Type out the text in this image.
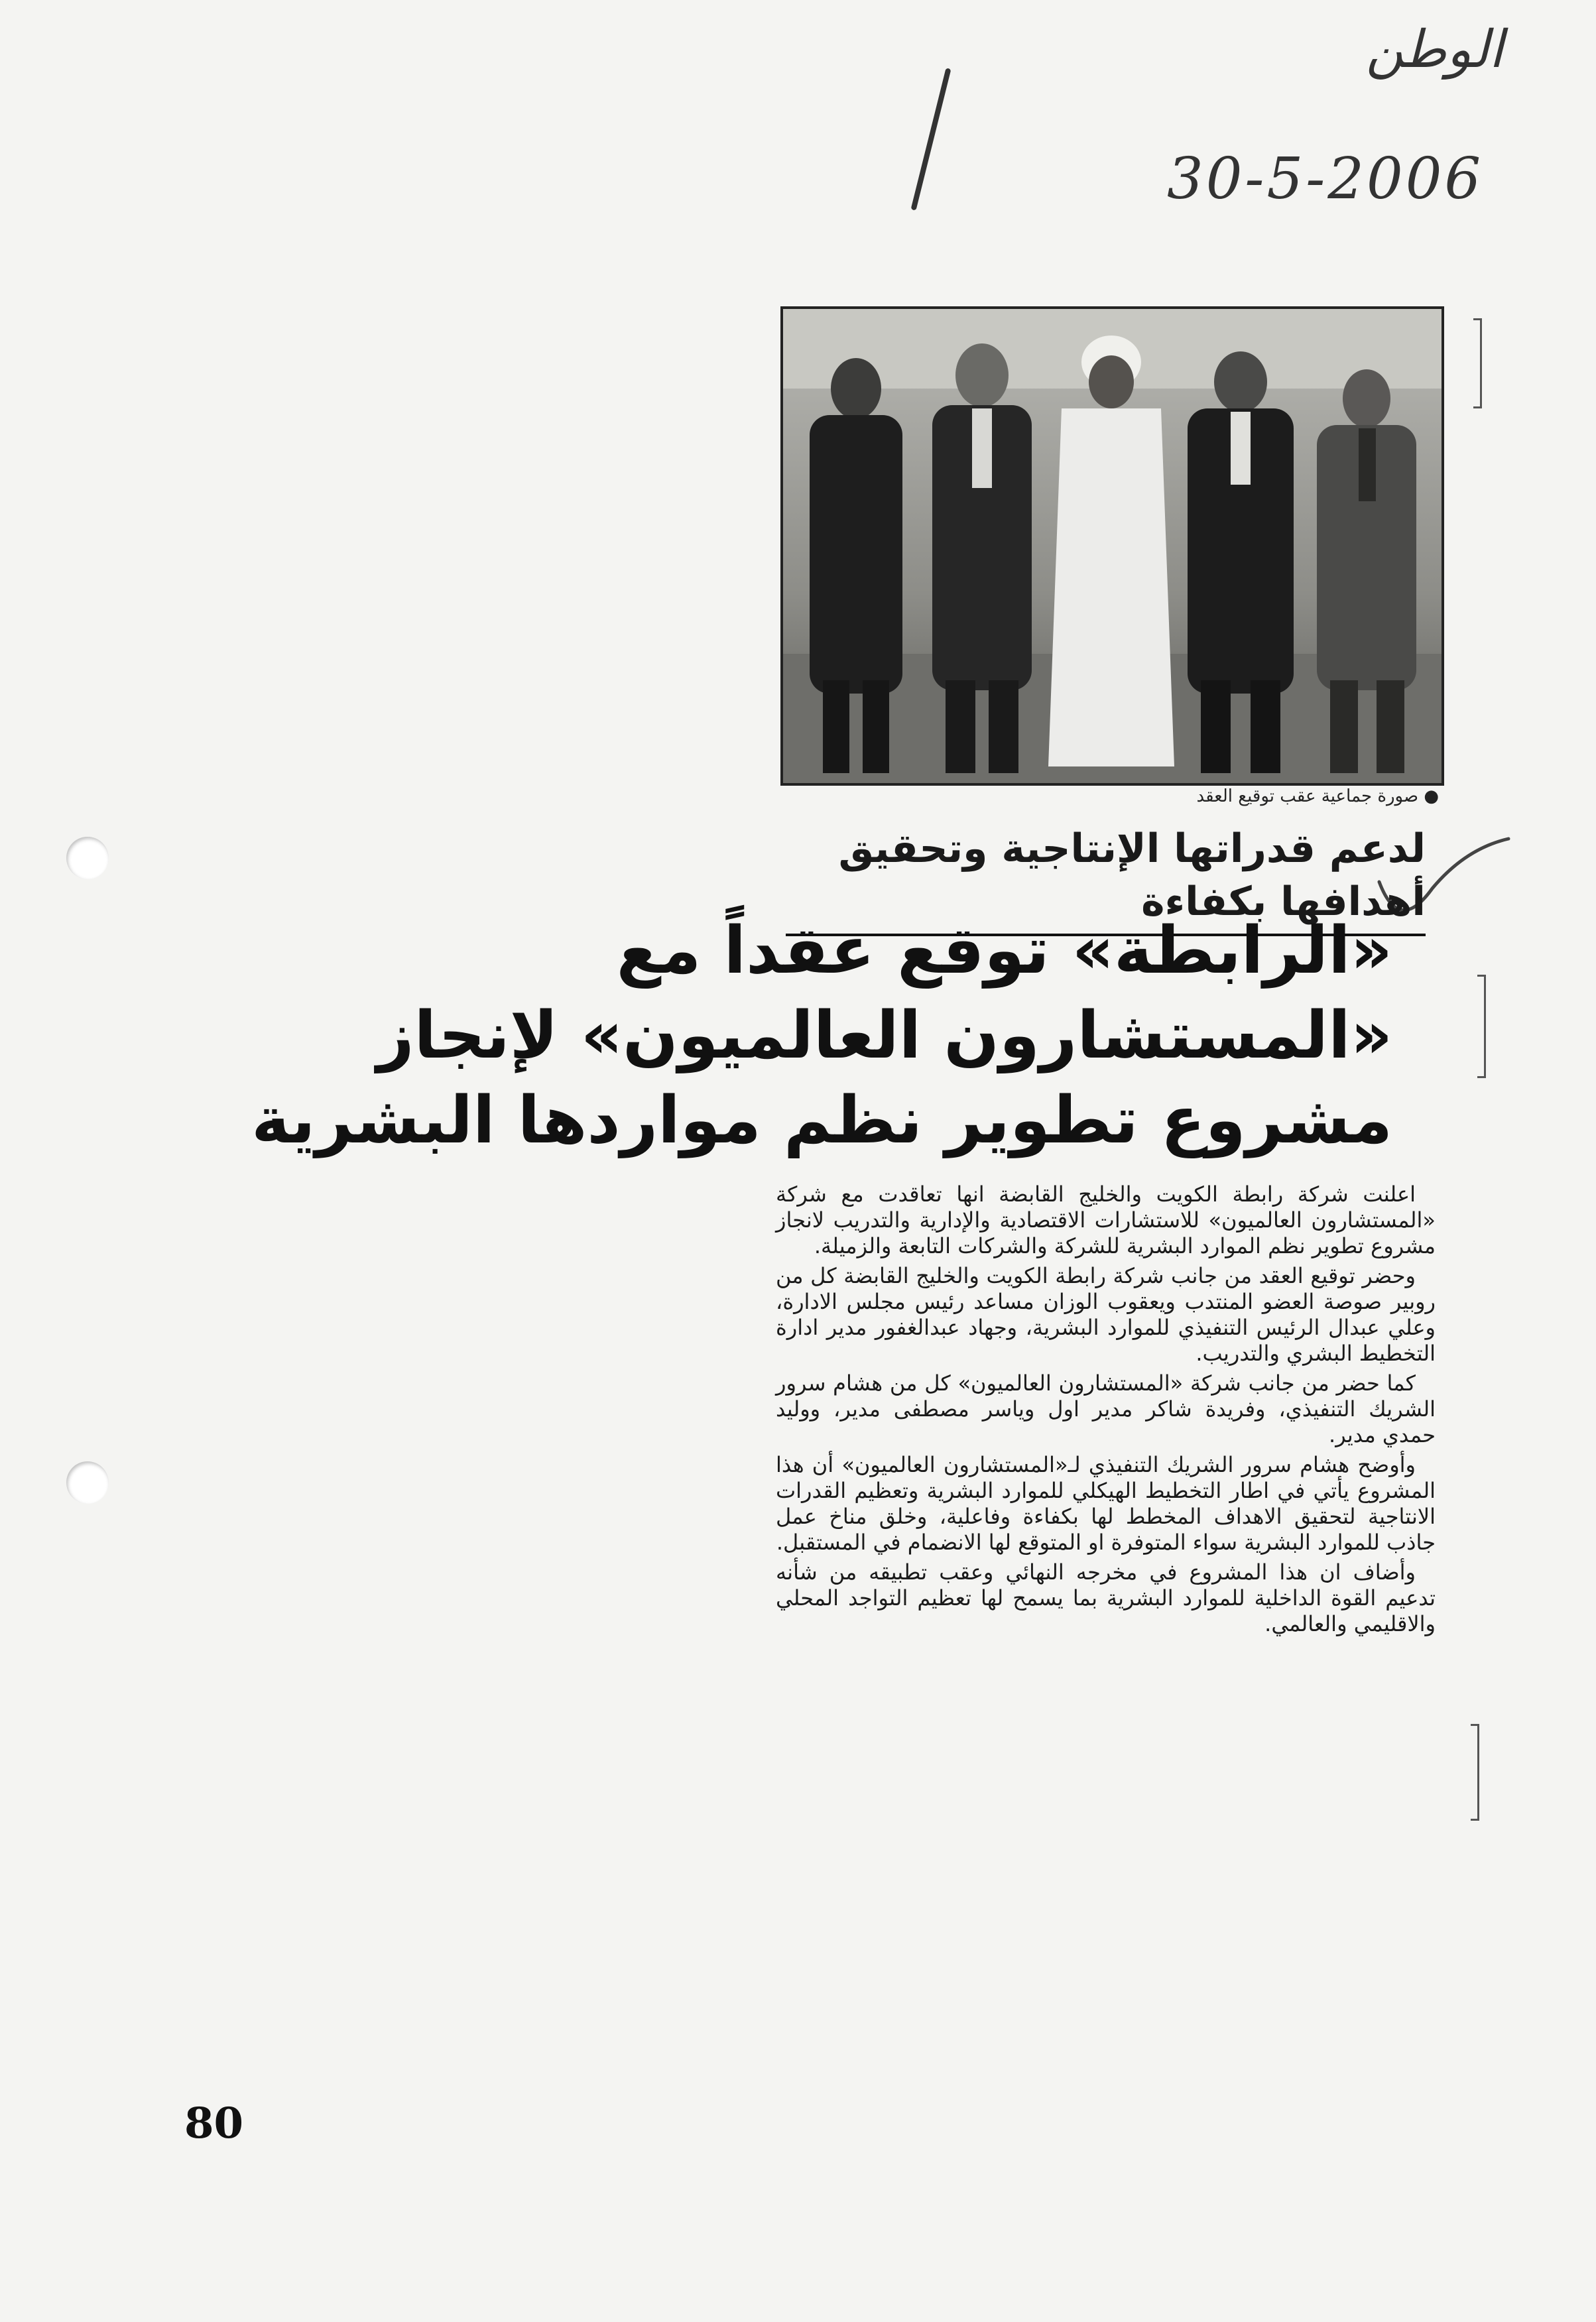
الوطن
30-5-2006
● صورة جماعية عقب توقيع العقد
لدعم قدراتها الإنتاجية وتحقيق أهدافها بكفاءة
«الرابطة» توقع عقداً مع
«المستشارون العالميون» لإنجاز
مشروع تطوير نظم مواردها البشرية

اعلنت شركة رابطة الكويت والخليج القابضة انها تعاقدت مع شركة «المستشارون العالميون» للاستشارات الاقتصادية والإدارية والتدريب لانجاز مشروع تطوير نظم الموارد البشرية للشركة والشركات التابعة والزميلة.

وحضر توقيع العقد من جانب شركة رابطة الكويت والخليج القابضة كل من روبير صوصة العضو المنتدب ويعقوب الوزان مساعد رئيس مجلس الادارة، وعلي عبدال الرئيس التنفيذي للموارد البشرية، وجهاد عبدالغفور مدير ادارة التخطيط البشري والتدريب.

كما حضر من جانب شركة «المستشارون العالميون» كل من هشام سرور الشريك التنفيذي، وفريدة شاكر مدير اول وياسر مصطفى مدير، ووليد حمدي مدير.

وأوضح هشام سرور الشريك التنفيذي لـ«المستشارون العالميون» أن هذا المشروع يأتي في اطار التخطيط الهيكلي للموارد البشرية وتعظيم القدرات الانتاجية لتحقيق الاهداف المخطط لها بكفاءة وفاعلية، وخلق مناخ عمل جاذب للموارد البشرية سواء المتوفرة او المتوقع لها الانضمام في المستقبل.

وأضاف ان هذا المشروع في مخرجه النهائي وعقب تطبيقه من شأنه تدعيم القوة الداخلية للموارد البشرية بما يسمح لها تعظيم التواجد المحلي والاقليمي والعالمي.

80
